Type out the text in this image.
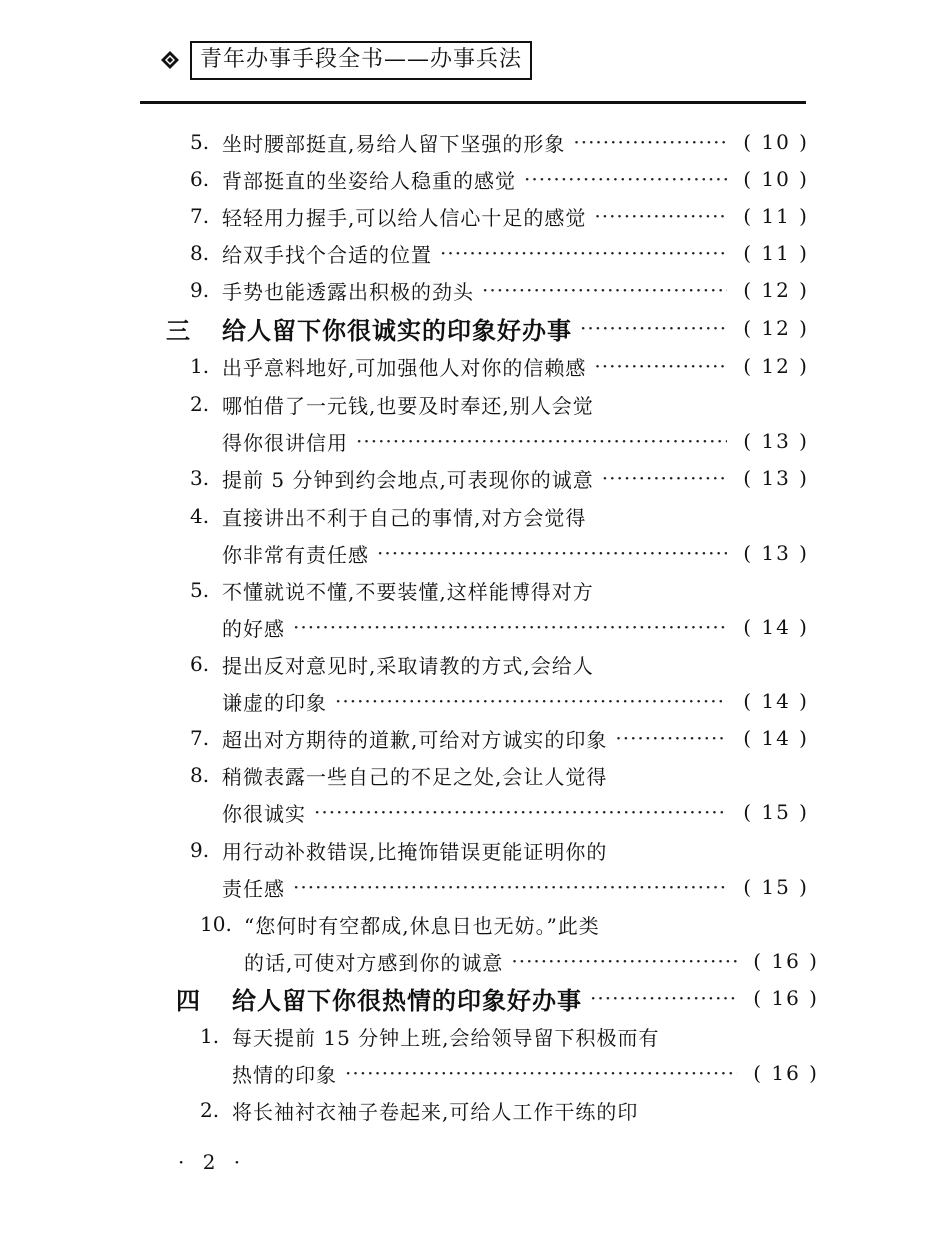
青年办事手段全书——办事兵法
5. 坐时腰部挺直,易给人留下坚强的形象 ·····	( 10 )
6. 背部挺直的坐姿给人稳重的感觉 ·····	( 10 )
7. 轻轻用力握手,可以给人信心十足的感觉 ·····	( 11 )
8. 给双手找个合适的位置 ·····	( 11 )
9. 手势也能透露出积极的劲头 ·····	( 12 )
三	给人留下你很诚实的印象好办事 ·····	( 12 )
1. 出乎意料地好,可加强他人对你的信赖感 ·····	( 12 )
2. 哪怕借了一元钱,也要及时奉还,别人会觉
得你很讲信用 ·····	( 13 )
3. 提前 5 分钟到约会地点,可表现你的诚意 ·····	( 13 )
4. 直接讲出不利于自己的事情,对方会觉得
你非常有责任感 ·····	( 13 )
5. 不懂就说不懂,不要装懂,这样能博得对方
的好感 ·····	( 14 )
6. 提出反对意见时,采取请教的方式,会给人
谦虚的印象 ·····	( 14 )
7. 超出对方期待的道歉,可给对方诚实的印象 ·····	( 14 )
8. 稍微表露一些自己的不足之处,会让人觉得
你很诚实 ·····	( 15 )
9. 用行动补救错误,比掩饰错误更能证明你的
责任感 ·····	( 15 )
10. “您何时有空都成,休息日也无妨。”此类
的话,可使对方感到你的诚意 ·····	( 16 )
四	给人留下你很热情的印象好办事 ·····	( 16 )
1. 每天提前 15 分钟上班,会给领导留下积极而有
热情的印象 ·····	( 16 )
2. 将长袖衬衣袖子卷起来,可给人工作干练的印
· 2 ·
